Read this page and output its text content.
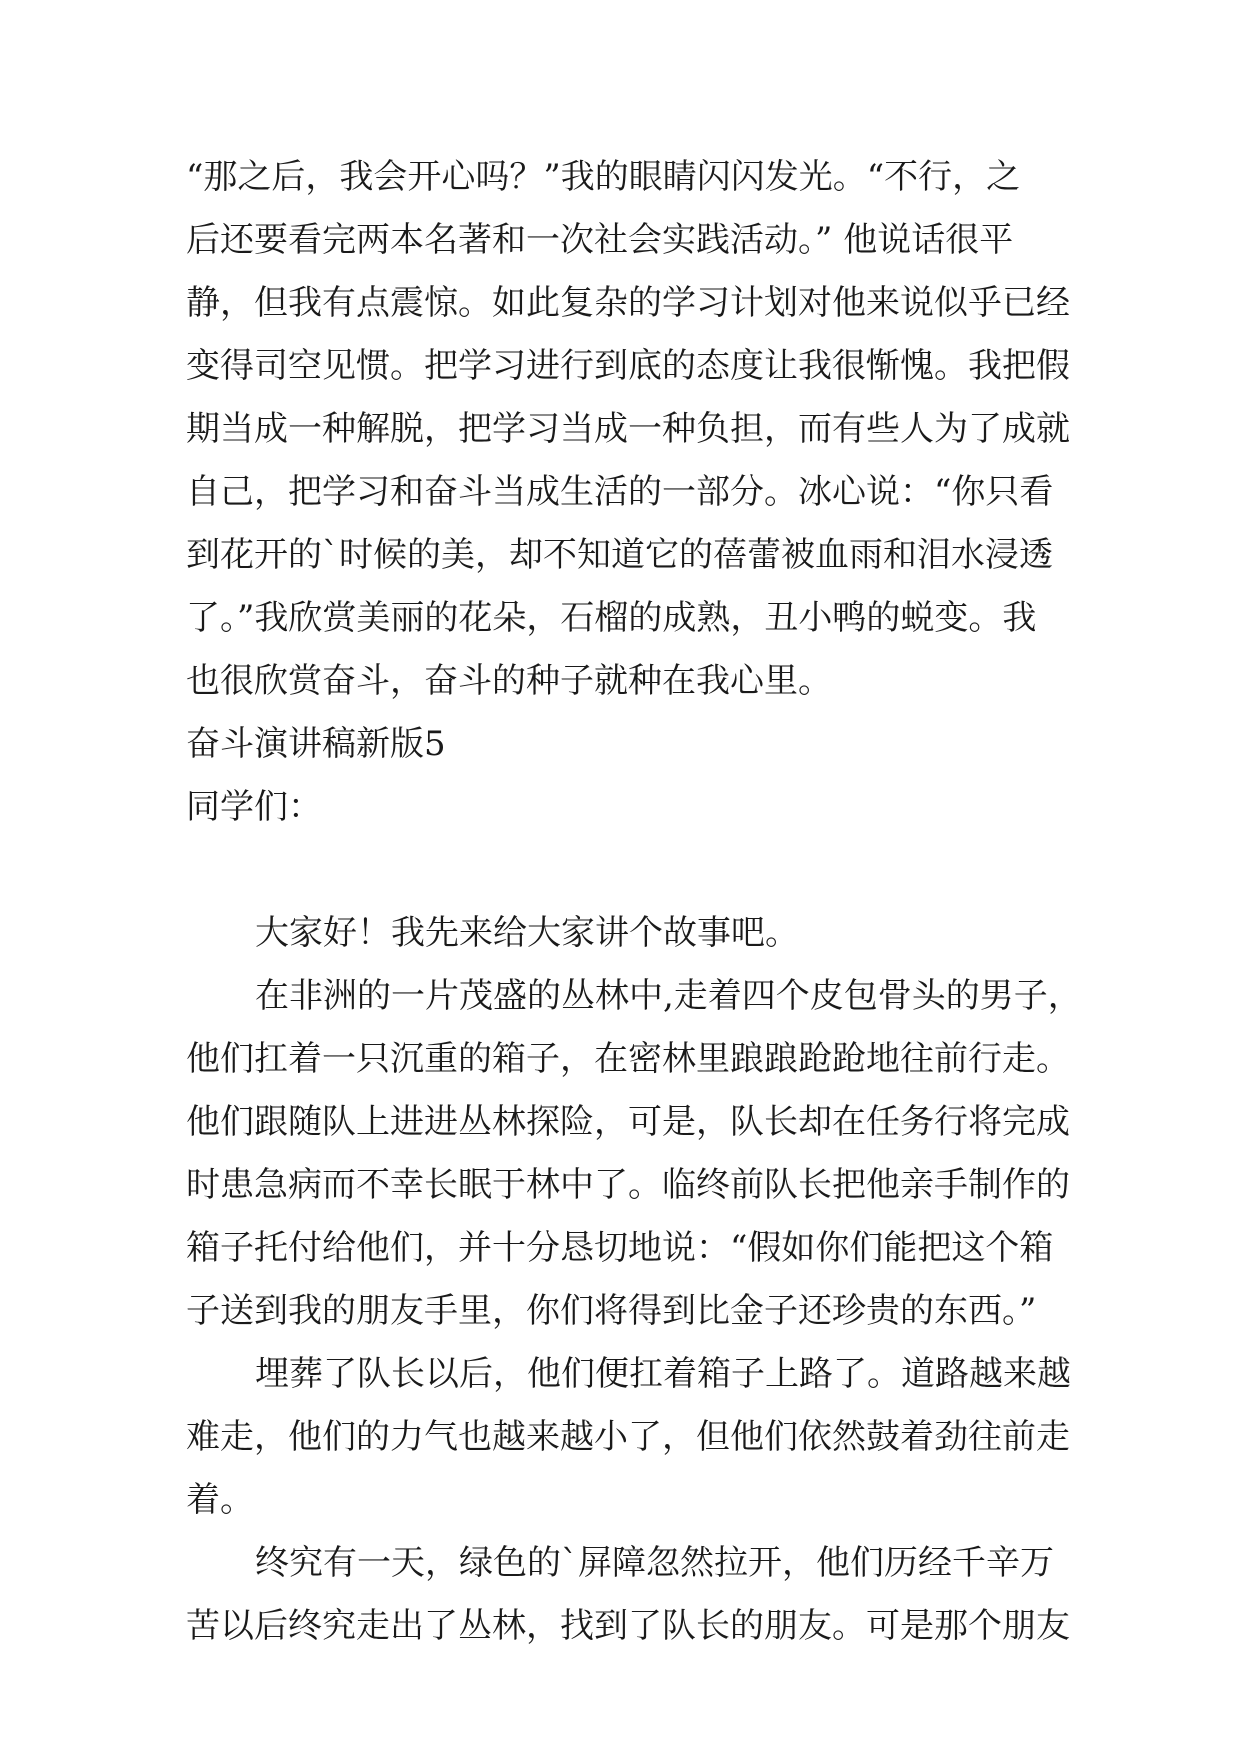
“那之后，我会开心吗？”我的眼睛闪闪发光。“不行，之
后还要看完两本名著和一次社会实践活动。” 他说话很平
静，但我有点震惊。如此复杂的学习计划对他来说似乎已经
变得司空见惯。把学习进行到底的态度让我很惭愧。我把假
期当成一种解脱，把学习当成一种负担，而有些人为了成就
自己，把学习和奋斗当成生活的一部分。冰心说：“你只看
到花开的`时候的美，却不知道它的蓓蕾被血雨和泪水浸透
了。”我欣赏美丽的花朵，石榴的成熟，丑小鸭的蜕变。我
也很欣赏奋斗，奋斗的种子就种在我心里。
奋斗演讲稿新版5
同学们：
大家好！我先来给大家讲个故事吧。
在非洲的一片茂盛的丛林中,走着四个皮包骨头的男子，
他们扛着一只沉重的箱子，在密林里踉踉跄跄地往前行走。
他们跟随队上进进丛林探险，可是，队长却在任务行将完成
时患急病而不幸长眠于林中了。临终前队长把他亲手制作的
箱子托付给他们，并十分恳切地说：“假如你们能把这个箱
子送到我的朋友手里，你们将得到比金子还珍贵的东西。”
埋葬了队长以后，他们便扛着箱子上路了。道路越来越
难走，他们的力气也越来越小了，但他们依然鼓着劲往前走
着。
终究有一天，绿色的`屏障忽然拉开，他们历经千辛万
苦以后终究走出了丛林，找到了队长的朋友。可是那个朋友
